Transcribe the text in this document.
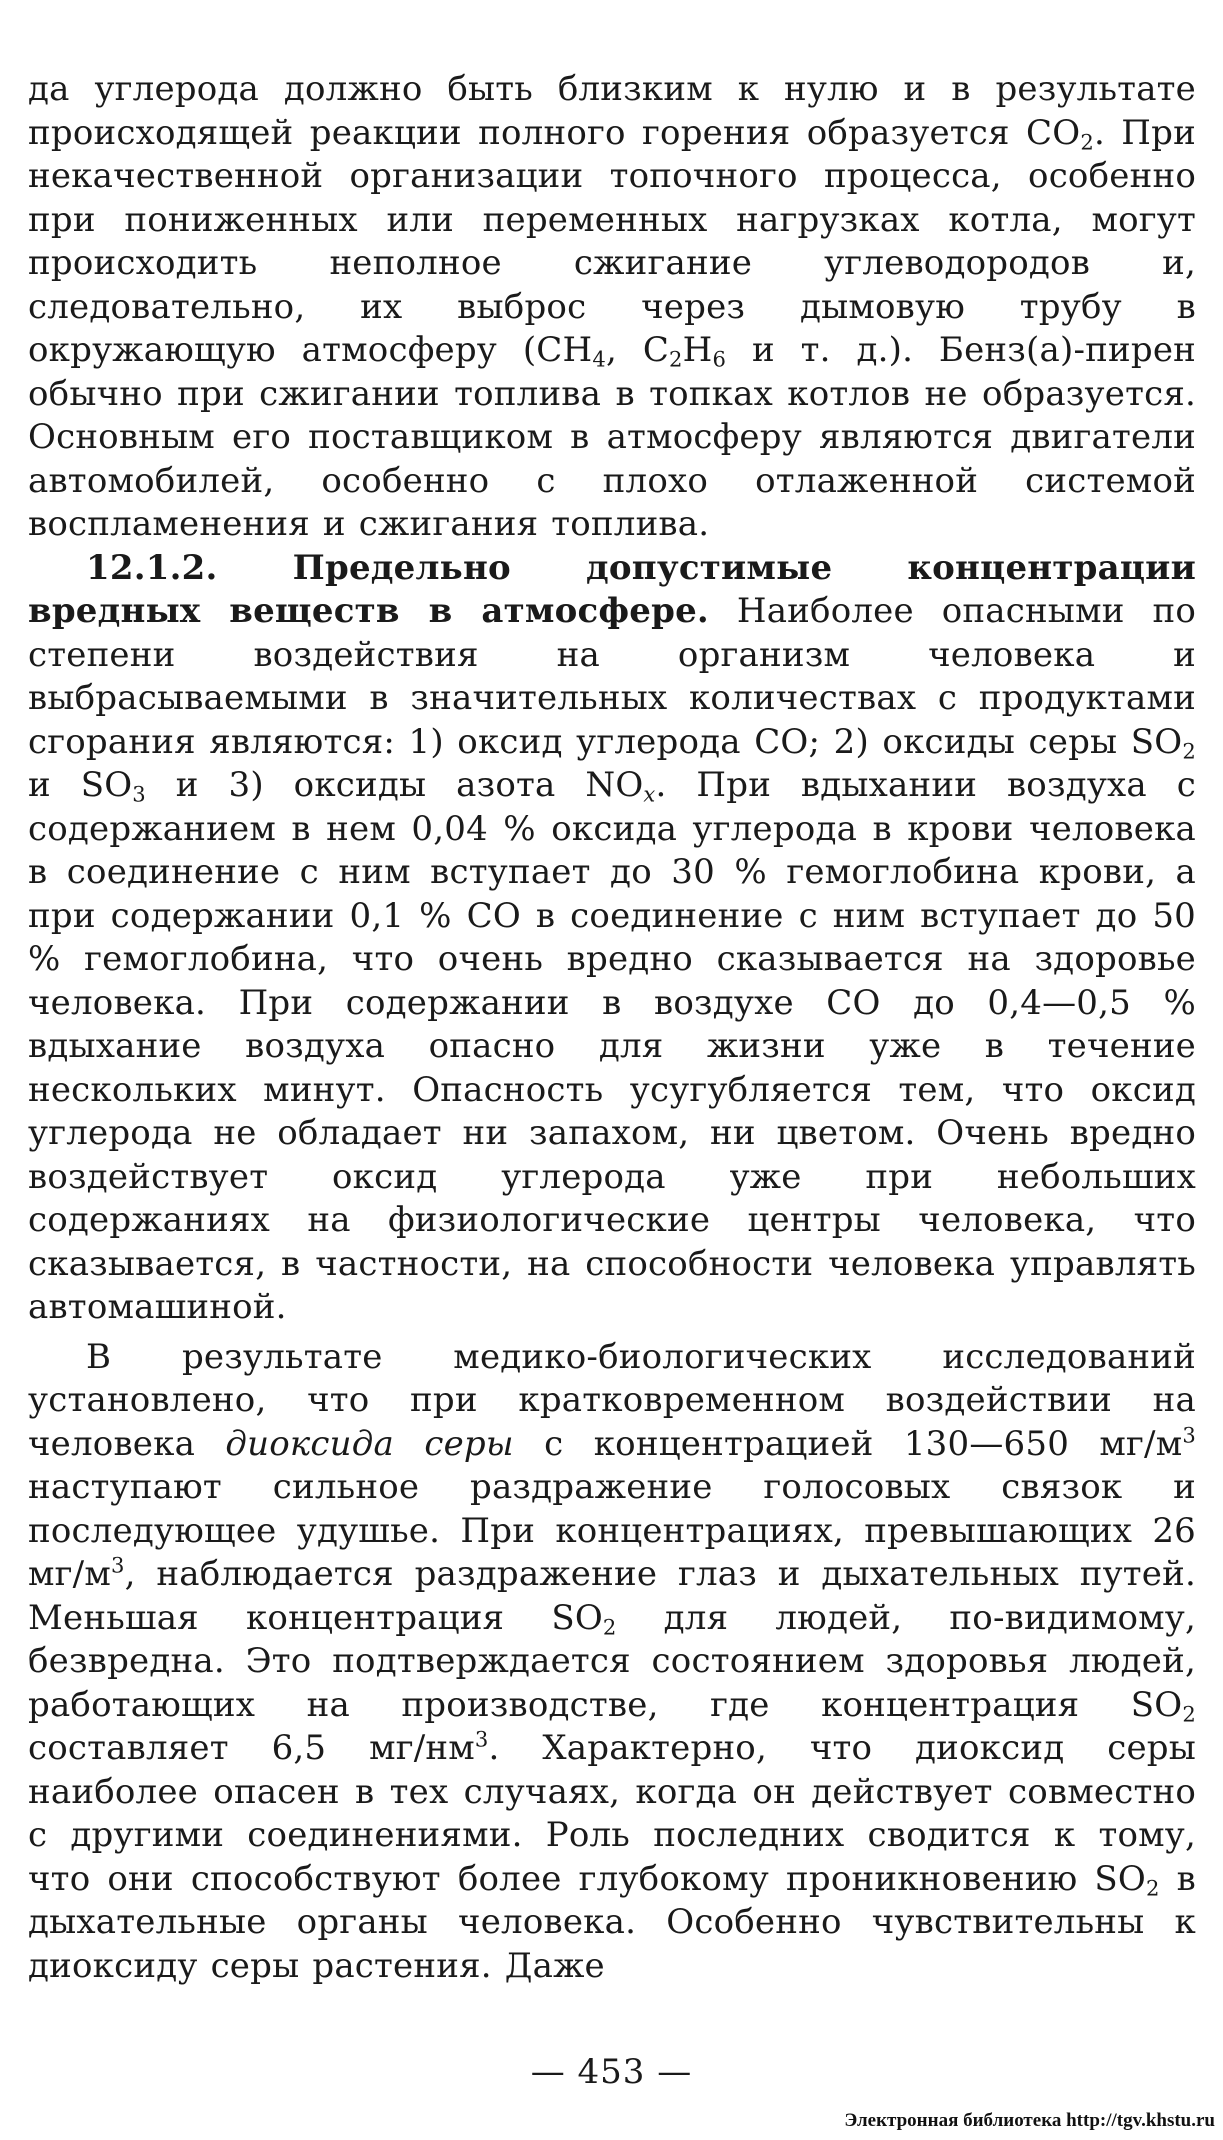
да углерода должно быть близким к нулю и в результате происходящей реакции полного горения образуется $CO_2$. При некачественной организации топочного процесса, особенно при пониженных или переменных нагрузках котла, могут происходить неполное сжигание углеводородов и, следовательно, их выброс через дымовую трубу в окружающую атмосферу ($CH_4$, $C_2H_6$ и т. д.). Бенз(а)-пирен обычно при сжигании топлива в топках котлов не образуется. Основным его поставщиком в атмосферу являются двигатели автомобилей, особенно с плохо отлаженной системой воспламенения и сжигания топлива.

12.1.2. Предельно допустимые концентрации вредных веществ в атмосфере. Наиболее опасными по степени воздействия на организм человека и выбрасываемыми в значительных количествах с продуктами сгорания являются: 1) оксид углерода CO; 2) оксиды серы $SO_2$ и $SO_3$ и 3) оксиды азота $NO_x$. При вдыхании воздуха с содержанием в нем 0,04 % оксида углерода в крови человека в соединение с ним вступает до 30 % гемоглобина крови, а при содержании 0,1 % CO в соединение с ним вступает до 50 % гемоглобина, что очень вредно сказывается на здоровье человека. При содержании в воздухе CO до 0,4—0,5 % вдыхание воздуха опасно для жизни уже в течение нескольких минут. Опасность усугубляется тем, что оксид углерода не обладает ни запахом, ни цветом. Очень вредно воздействует оксид углерода уже при небольших содержаниях на физиологические центры человека, что сказывается, в частности, на способности человека управлять автомашиной.

В результате медико-биологических исследований установлено, что при кратковременном воздействии на человека диоксида серы с концентрацией 130—650 $мг/м^3$ наступают сильное раздражение голосовых связок и последующее удушье. При концентрациях, превышающих 26 $мг/м^3$, наблюдается раздражение глаз и дыхательных путей. Меньшая концентрация $SO_2$ для людей, по-видимому, безвредна. Это подтверждается состоянием здоровья людей, работающих на производстве, где концентрация $SO_2$ составляет 6,5 $мг/нм^3$. Характерно, что диоксид серы наиболее опасен в тех случаях, когда он действует совместно с другими соединениями. Роль последних сводится к тому, что они способствуют более глубокому проникновению $SO_2$ в дыхательные органы человека. Особенно чувствительны к диоксиду серы растения. Даже

— 453 —
Электронная библиотека http://tgv.khstu.ru
